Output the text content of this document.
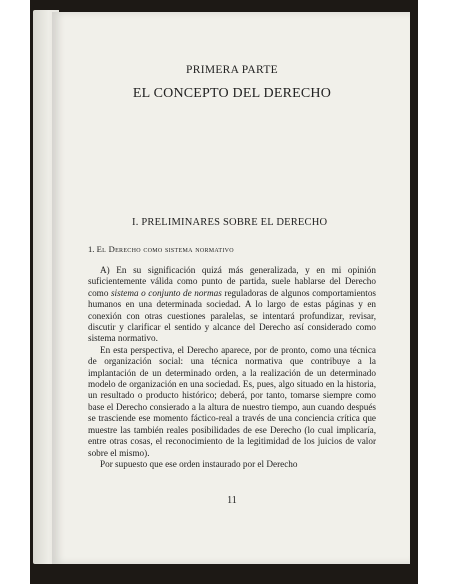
PRIMERA PARTE
EL CONCEPTO DEL DERECHO
I. PRELIMINARES SOBRE EL DERECHO
1. El Derecho como sistema normativo

A) En su significación quizá más generalizada, y en mi opinión suficientemente válida como punto de partida, suele hablarse del Derecho como sistema o conjunto de normas reguladoras de algunos comportamientos humanos en una determinada sociedad. A lo largo de estas páginas y en conexión con otras cuestiones paralelas, se intentará profundizar, revisar, discutir y clarificar el sentido y alcance del Derecho así considerado como sistema normativo.

En esta perspectiva, el Derecho aparece, por de pronto, como una técnica de organización social: una técnica normativa que contribuye a la implantación de un determinado orden, a la realización de un determinado modelo de organización en una sociedad. Es, pues, algo situado en la historia, un resultado o producto histórico; deberá, por tanto, tomarse siempre como base el Derecho consierado a la altura de nuestro tiempo, aun cuando después se trasciende ese momento fáctico-real a través de una conciencia crítica que muestre las también reales posibilidades de ese Derecho (lo cual implicaría, entre otras cosas, el reconocimiento de la legitimidad de los juicios de valor sobre el mismo).

Por supuesto que ese orden instaurado por el Derecho

11
